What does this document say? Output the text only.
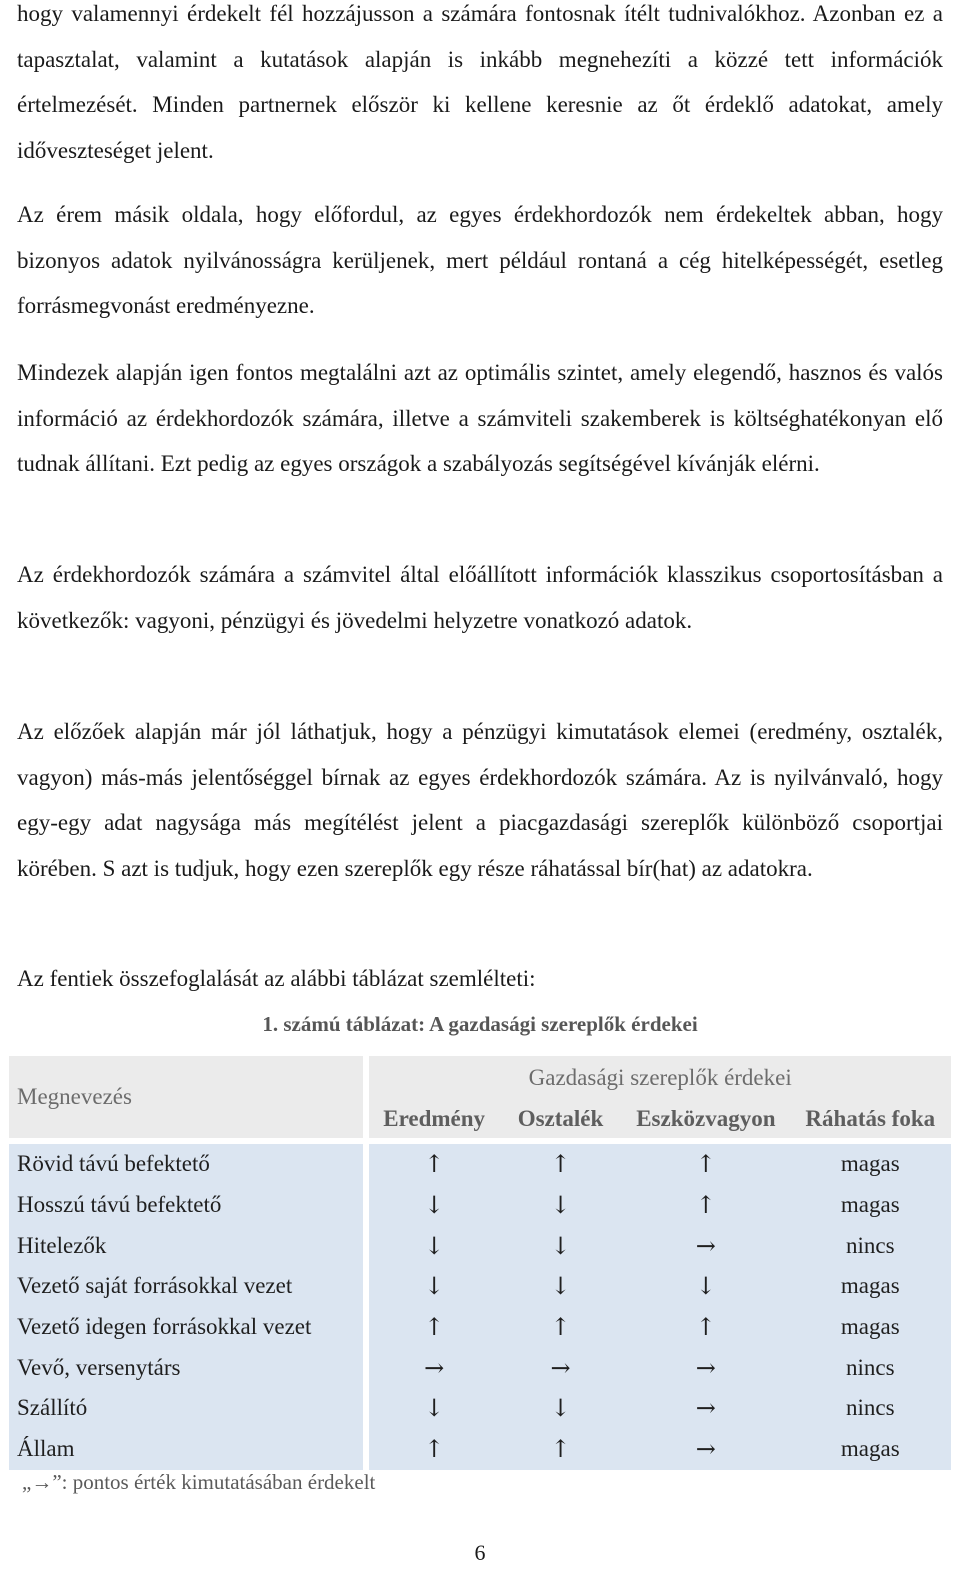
hogy valamennyi érdekelt fél hozzájusson a számára fontosnak ítélt tudnivalókhoz. Azonban ez a tapasztalat, valamint a kutatások alapján is inkább megnehezíti a közzé tett információk értelmezését. Minden partnernek először ki kellene keresnie az őt érdeklő adatokat, amely időveszteséget jelent.

Az érem másik oldala, hogy előfordul, az egyes érdekhordozók nem érdekeltek abban, hogy bizonyos adatok nyilvánosságra kerüljenek, mert például rontaná a cég hitelképességét, esetleg forrásmegvonást eredményezne.

Mindezek alapján igen fontos megtalálni azt az optimális szintet, amely elegendő, hasznos és valós információ az érdekhordozók számára, illetve a számviteli szakemberek is költséghatékonyan elő tudnak állítani. Ezt pedig az egyes országok a szabályozás segítségével kívánják elérni.

Az érdekhordozók számára a számvitel által előállított információk klasszikus csoportosításban a következők: vagyoni, pénzügyi és jövedelmi helyzetre vonatkozó adatok.

Az előzőek alapján már jól láthatjuk, hogy a pénzügyi kimutatások elemei (eredmény, osztalék, vagyon) más-más jelentőséggel bírnak az egyes érdekhordozók számára. Az is nyilvánvaló, hogy egy-egy adat nagysága más megítélést jelent a piacgazdasági szereplők különböző csoportjai körében. S azt is tudjuk, hogy ezen szereplők egy része ráhatással bír(hat) az adatokra.

Az fentiek összefoglalását az alábbi táblázat szemlélteti:

1. számú táblázat: A gazdasági szereplők érdekei
Megnevezés	Gazdasági szereplők érdekei			
	Eredmény	Osztalék	Eszközvagyon	Ráhatás foka
Rövid távú befektető	↑	↑	↑	magas
Hosszú távú befektető	↓	↓	↑	magas
Hitelezők	↓	↓	→	nincs
Vezető saját forrásokkal vezet	↓	↓	↓	magas
Vezető idegen forrásokkal vezet	↑	↑	↑	magas
Vevő, versenytárs	→	→	→	nincs
Szállító	↓	↓	→	nincs
Állam	↑	↑	→	magas
„→”: pontos érték kimutatásában érdekelt
6
